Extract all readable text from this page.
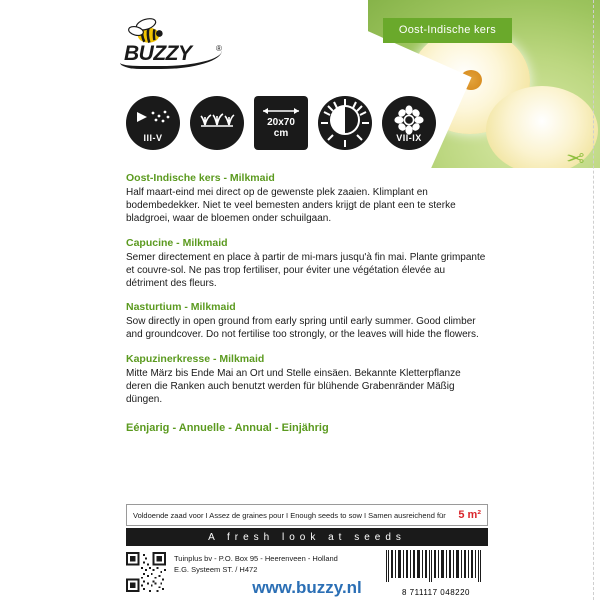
Oost-Indische kers
BUZZY	®
III-V
20x70
cm	VII-IX
✂
Oost-Indische kers - Milkmaid

Half maart-eind mei direct op de gewenste plek zaaien. Klimplant en bodembedekker. Niet te veel bemesten anders krijgt de plant een te sterke bladgroei, waar de bloemen onder schuilgaan.

Capucine - Milkmaid

Semer directement en place à partir de mi-mars jusqu'à fin mai. Plante grimpante et couvre-sol. Ne pas trop fertiliser, pour éviter une végétation élevée au détriment des fleurs.

Nasturtium - Milkmaid

Sow directly in open ground from early spring until early summer. Good climber and groundcover. Do not fertilise too strongly, or the leaves will hide the flowers.

Kapuzinerkresse - Milkmaid

Mitte März bis Ende Mai an Ort und Stelle einsäen. Bekannte Kletterpflanze deren die Ranken auch benutzt werden für blühende Grabenränder Mäßig düngen.

Eénjarig - Annuelle - Annual - Einjährig
Voldoende zaad voor I Assez de graines pour I Enough seeds to sow I Samen ausreichend für 5 m²
A fresh look at seeds
Tuinplus bv - P.O. Box 95 - Heerenveen - Holland
E.G. Systeem ST. / H472
8 711117 048220
www.buzzy.nl
